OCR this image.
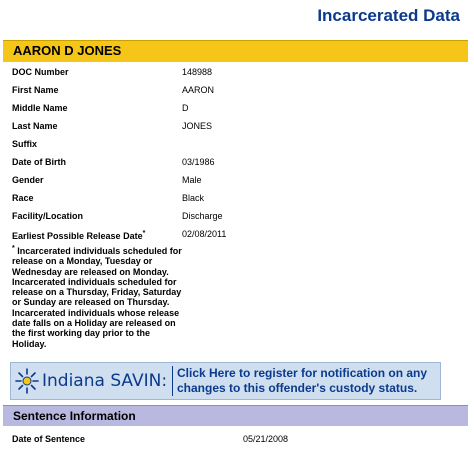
Incarcerated Data
AARON D JONES
DOC Number	148988
First Name	AARON
Middle Name	D
Last Name	JONES
Suffix
Date of Birth	03/1986
Gender	Male
Race	Black
Facility/Location	Discharge
Earliest Possible Release Date*	02/08/2011
* Incarcerated individuals scheduled for release on a Monday, Tuesday or Wednesday are released on Monday. Incarcerated individuals scheduled for release on a Thursday, Friday, Saturday or Sunday are released on Thursday. Incarcerated individuals whose release date falls on a Holiday are released on the first working day prior to the Holiday.
Indiana SAVIN: Click Here to register for notification on any changes to this offender's custody status.
Sentence Information
Date of Sentence	05/21/2008
